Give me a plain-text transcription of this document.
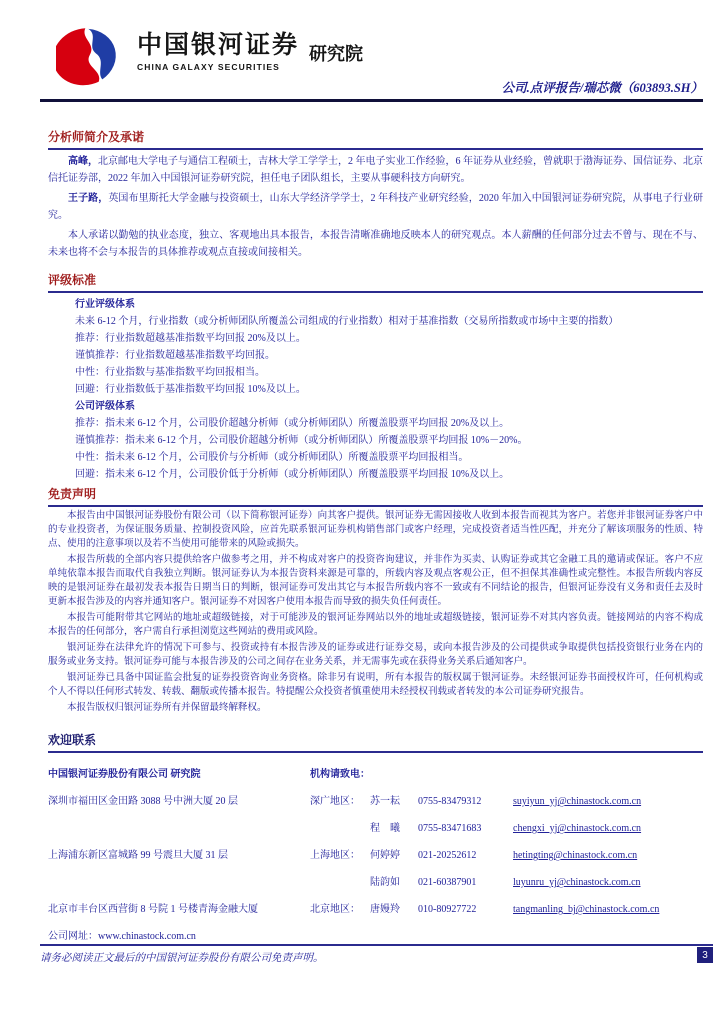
中国银河证券
CHINA GALAXY SECURITIES
研究院
公司.点评报告/瑞芯微（603893.SH）
分析师简介及承诺

高峰，北京邮电大学电子与通信工程硕士，吉林大学工学学士，2 年电子实业工作经验，6 年证券从业经验，曾就职于渤海证券、国信证券、北京信托证券部，2022 年加入中国银河证券研究院，担任电子团队组长，主要从事硬科技方向研究。

王子路，英国布里斯托大学金融与投资硕士，山东大学经济学学士，2 年科技产业研究经验，2020 年加入中国银河证券研究院，从事电子行业研究。

本人承诺以勤勉的执业态度，独立、客观地出具本报告，本报告清晰准确地反映本人的研究观点。本人薪酬的任何部分过去不曾与、现在不与、未来也将不会与本报告的具体推荐或观点直接或间接相关。

评级标准
行业评级体系
未来 6-12 个月，行业指数（或分析师团队所覆盖公司组成的行业指数）相对于基准指数（交易所指数或市场中主要的指数）
推荐：行业指数超越基准指数平均回报 20%及以上。
谨慎推荐：行业指数超越基准指数平均回报。
中性：行业指数与基准指数平均回报相当。
回避：行业指数低于基准指数平均回报 10%及以上。
公司评级体系
推荐：指未来 6-12 个月，公司股价超越分析师（或分析师团队）所覆盖股票平均回报 20%及以上。
谨慎推荐：指未来 6-12 个月，公司股价超越分析师（或分析师团队）所覆盖股票平均回报 10%－20%。
中性：指未来 6-12 个月，公司股价与分析师（或分析师团队）所覆盖股票平均回报相当。
回避：指未来 6-12 个月，公司股价低于分析师（或分析师团队）所覆盖股票平均回报 10%及以上。
免责声明

本报告由中国银河证券股份有限公司（以下简称银河证券）向其客户提供。银河证券无需因接收人收到本报告而视其为客户。若您并非银河证券客户中的专业投资者，为保证服务质量、控制投资风险，应首先联系银河证券机构销售部门或客户经理，完成投资者适当性匹配，并充分了解该项服务的性质、特点、使用的注意事项以及若不当使用可能带来的风险或损失。

本报告所载的全部内容只提供给客户做参考之用，并不构成对客户的投资咨询建议，并非作为买卖、认购证券或其它金融工具的邀请或保证。客户不应单纯依靠本报告而取代自我独立判断。银河证券认为本报告资料来源是可靠的，所载内容及观点客观公正，但不担保其准确性或完整性。本报告所载内容反映的是银河证券在最初发表本报告日期当日的判断，银河证券可发出其它与本报告所载内容不一致或有不同结论的报告，但银河证券没有义务和责任去及时更新本报告涉及的内容并通知客户。银河证券不对因客户使用本报告而导致的损失负任何责任。

本报告可能附带其它网站的地址或超级链接，对于可能涉及的银河证券网站以外的地址或超级链接，银河证券不对其内容负责。链接网站的内容不构成本报告的任何部分，客户需自行承担浏览这些网站的费用或风险。

银河证券在法律允许的情况下可参与、投资或持有本报告涉及的证券或进行证券交易，或向本报告涉及的公司提供或争取提供包括投资银行业务在内的服务或业务支持。银河证券可能与本报告涉及的公司之间存在业务关系，并无需事先或在获得业务关系后通知客户。

银河证券已具备中国证监会批复的证券投资咨询业务资格。除非另有说明，所有本报告的版权属于银河证券。未经银河证券书面授权许可，任何机构或个人不得以任何形式转发、转载、翻版或传播本报告。特提醒公众投资者慎重使用未经授权刊载或者转发的本公司证券研究报告。

本报告版权归银河证券所有并保留最终解释权。

欢迎联系
中国银河证券股份有限公司 研究院	机构请致电：
深圳市福田区金田路 3088 号中洲大厦 20 层	深广地区： 苏一耘 0755-83479312	suyiyun_yj@chinastock.com.cn
程　曦 0755-83471683	chengxi_yj@chinastock.com.cn
上海浦东新区富城路 99 号震旦大厦 31 层	上海地区： 何婷婷 021-20252612	hetingting@chinastock.com.cn
陆韵如 021-60387901	luyunru_yj@chinastock.com.cn
北京市丰台区西营街 8 号院 1 号楼青海金融大厦	北京地区： 唐嫚羚 010-80927722	tangmanling_bj@chinastock.com.cn
公司网址：www.chinastock.com.cn
请务必阅读正文最后的中国银河证券股份有限公司免责声明。	3
